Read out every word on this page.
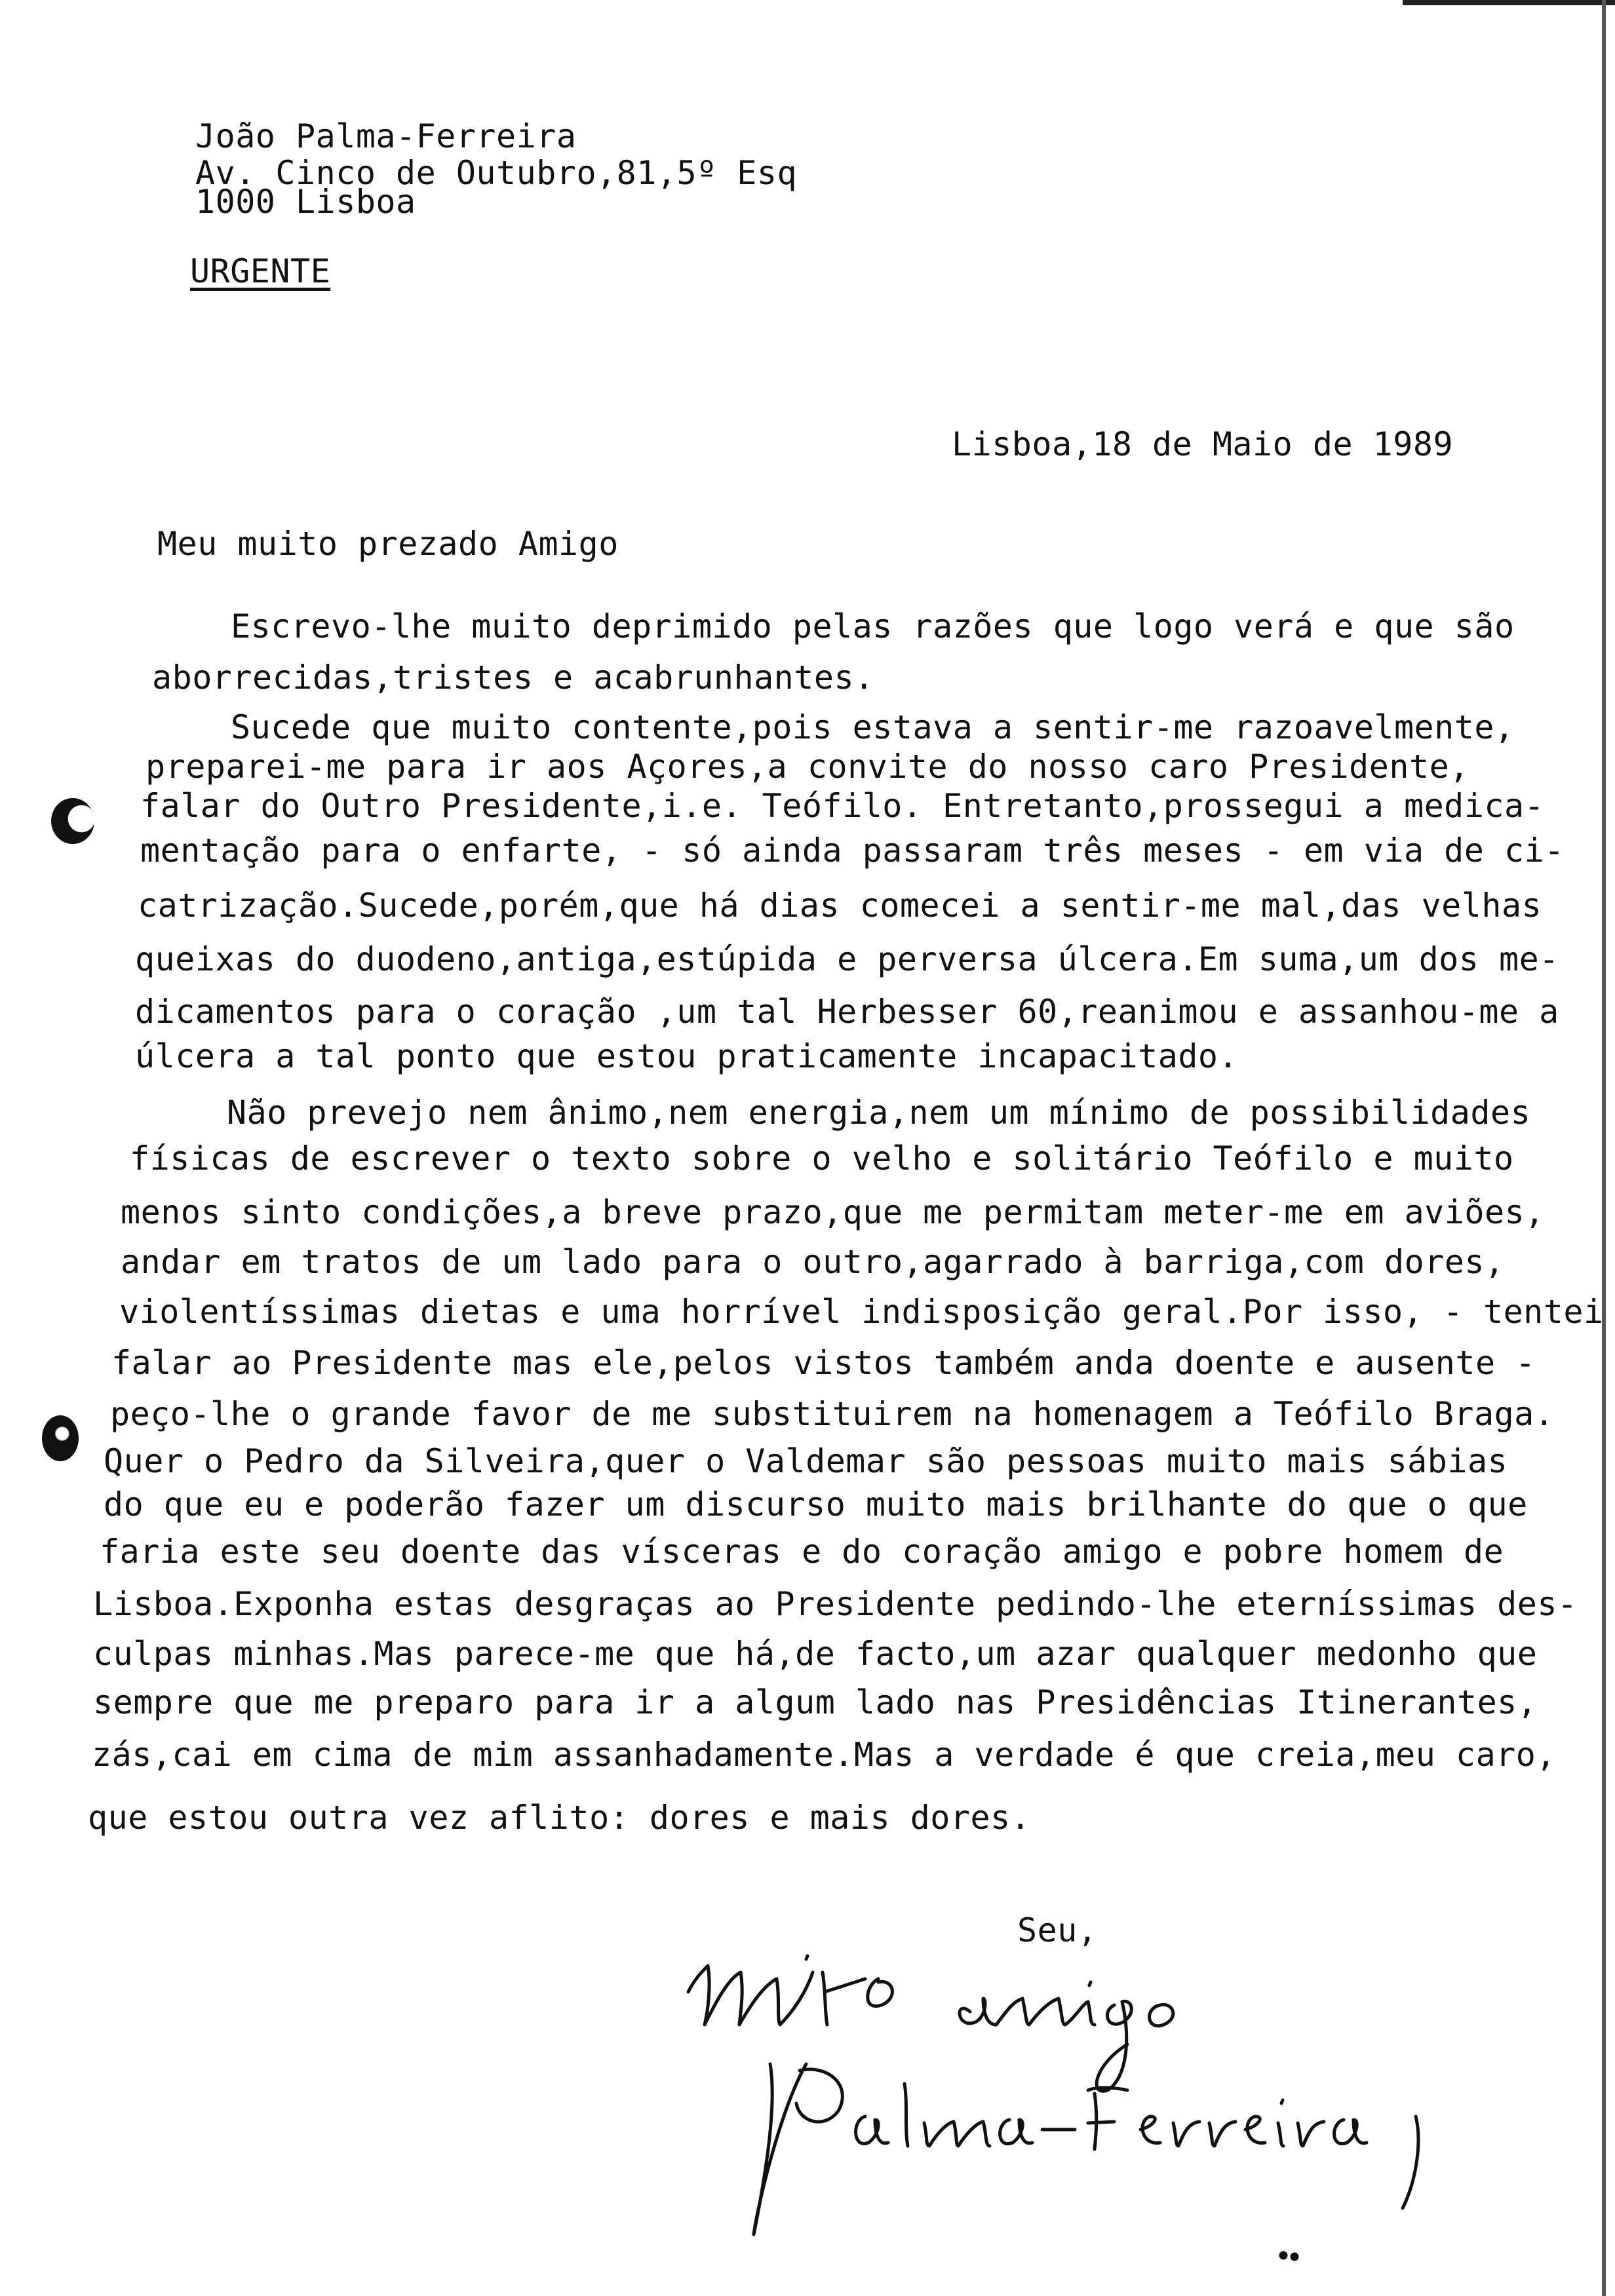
João Palma-Ferreira
Av. Cinco de Outubro,81,5º Esq
1000 Lisboa
URGENTE
Lisboa,18 de Maio de 1989
Meu muito prezado Amigo
Escrevo-lhe muito deprimido pelas razões que logo verá e que são
aborrecidas,tristes e acabrunhantes.
Sucede que muito contente,pois estava a sentir-me razoavelmente,
preparei-me para ir aos Açores,a convite do nosso caro Presidente,
falar do Outro Presidente,i.e. Teófilo. Entretanto,prossegui a medica-
mentação para o enfarte, - só ainda passaram três meses - em via de ci-
catrização.Sucede,porém,que há dias comecei a sentir-me mal,das velhas
queixas do duodeno,antiga,estúpida e perversa úlcera.Em suma,um dos me-
dicamentos para o coração ,um tal Herbesser 60,reanimou e assanhou-me a
úlcera a tal ponto que estou praticamente incapacitado.
Não prevejo nem ânimo,nem energia,nem um mínimo de possibilidades
físicas de escrever o texto sobre o velho e solitário Teófilo e muito
menos sinto condições,a breve prazo,que me permitam meter-me em aviões,
andar em tratos de um lado para o outro,agarrado à barriga,com dores,
violentíssimas dietas e uma horrível indisposição geral.Por isso, - tentei
falar ao Presidente mas ele,pelos vistos também anda doente e ausente -
peço-lhe o grande favor de me substituirem na homenagem a Teófilo Braga.
Quer o Pedro da Silveira,quer o Valdemar são pessoas muito mais sábias
do que eu e poderão fazer um discurso muito mais brilhante do que o que
faria este seu doente das vísceras e do coração amigo e pobre homem de
Lisboa.Exponha estas desgraças ao Presidente pedindo-lhe eterníssimas des-
culpas minhas.Mas parece-me que há,de facto,um azar qualquer medonho que
sempre que me preparo para ir a algum lado nas Presidências Itinerantes,
zás,cai em cima de mim assanhadamente.Mas a verdade é que creia,meu caro,
que estou outra vez aflito: dores e mais dores.
Seu,
